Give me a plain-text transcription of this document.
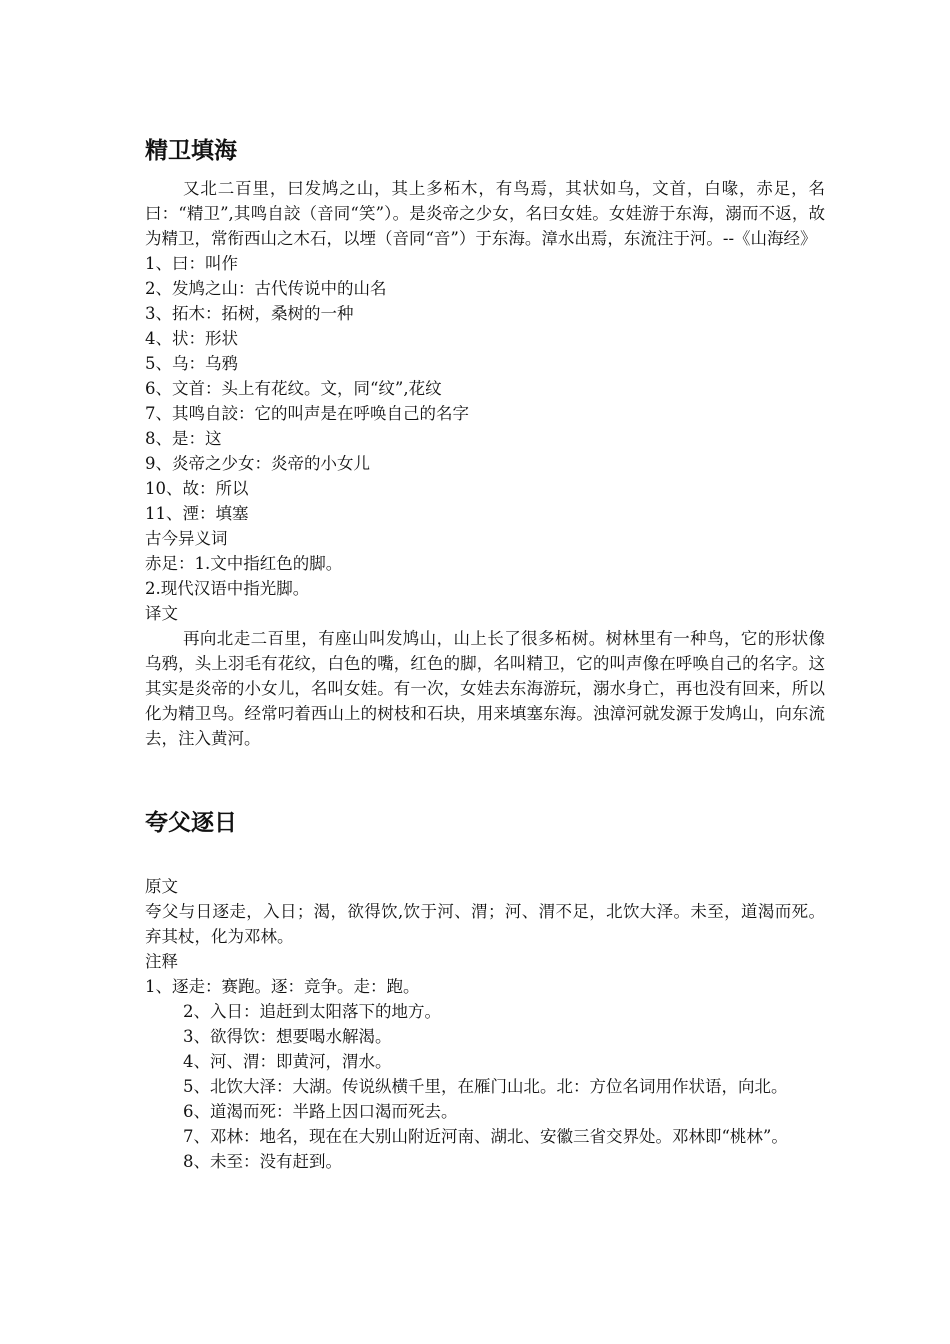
精卫填海

又北二百里，曰发鸠之山，其上多柘木，有鸟焉，其状如乌，文首，白喙，赤足，名曰：“精卫”,其鸣自詨（音同“笑”）。是炎帝之少女，名曰女娃。女娃游于东海，溺而不返，故为精卫，常衔西山之木石，以堙（音同“音”）于东海。漳水出焉，东流注于河。--《山海经》

1、曰：叫作
2、发鸠之山：古代传说中的山名
3、拓木：拓树，桑树的一种
4、状：形状
5、乌：乌鸦
6、文首：头上有花纹。文，同“纹”,花纹
7、其鸣自詨：它的叫声是在呼唤自己的名字
8、是：这
9、炎帝之少女：炎帝的小女儿
10、故：所以
11、湮：填塞
古今异义词
赤足：1.文中指红色的脚。
2.现代汉语中指光脚。
译文

再向北走二百里，有座山叫发鸠山，山上长了很多柘树。树林里有一种鸟，它的形状像乌鸦，头上羽毛有花纹，白色的嘴，红色的脚，名叫精卫，它的叫声像在呼唤自己的名字。这其实是炎帝的小女儿，名叫女娃。有一次，女娃去东海游玩，溺水身亡，再也没有回来，所以化为精卫鸟。经常叼着西山上的树枝和石块，用来填塞东海。浊漳河就发源于发鸠山，向东流去，注入黄河。

夸父逐日
原文

夸父与日逐走，入日；渴，欲得饮,饮于河、渭；河、渭不足，北饮大泽。未至，道渴而死。弃其杖，化为邓林。

注释
1、逐走：赛跑。逐：竞争。走：跑。

2、入日：追赶到太阳落下的地方。

3、欲得饮：想要喝水解渴。

4、河、渭：即黄河，渭水。

5、北饮大泽：大湖。传说纵横千里，在雁门山北。北：方位名词用作状语，向北。

6、道渴而死：半路上因口渴而死去。

7、邓林：地名，现在在大别山附近河南、湖北、安徽三省交界处。邓林即“桃林”。

8、未至：没有赶到。
